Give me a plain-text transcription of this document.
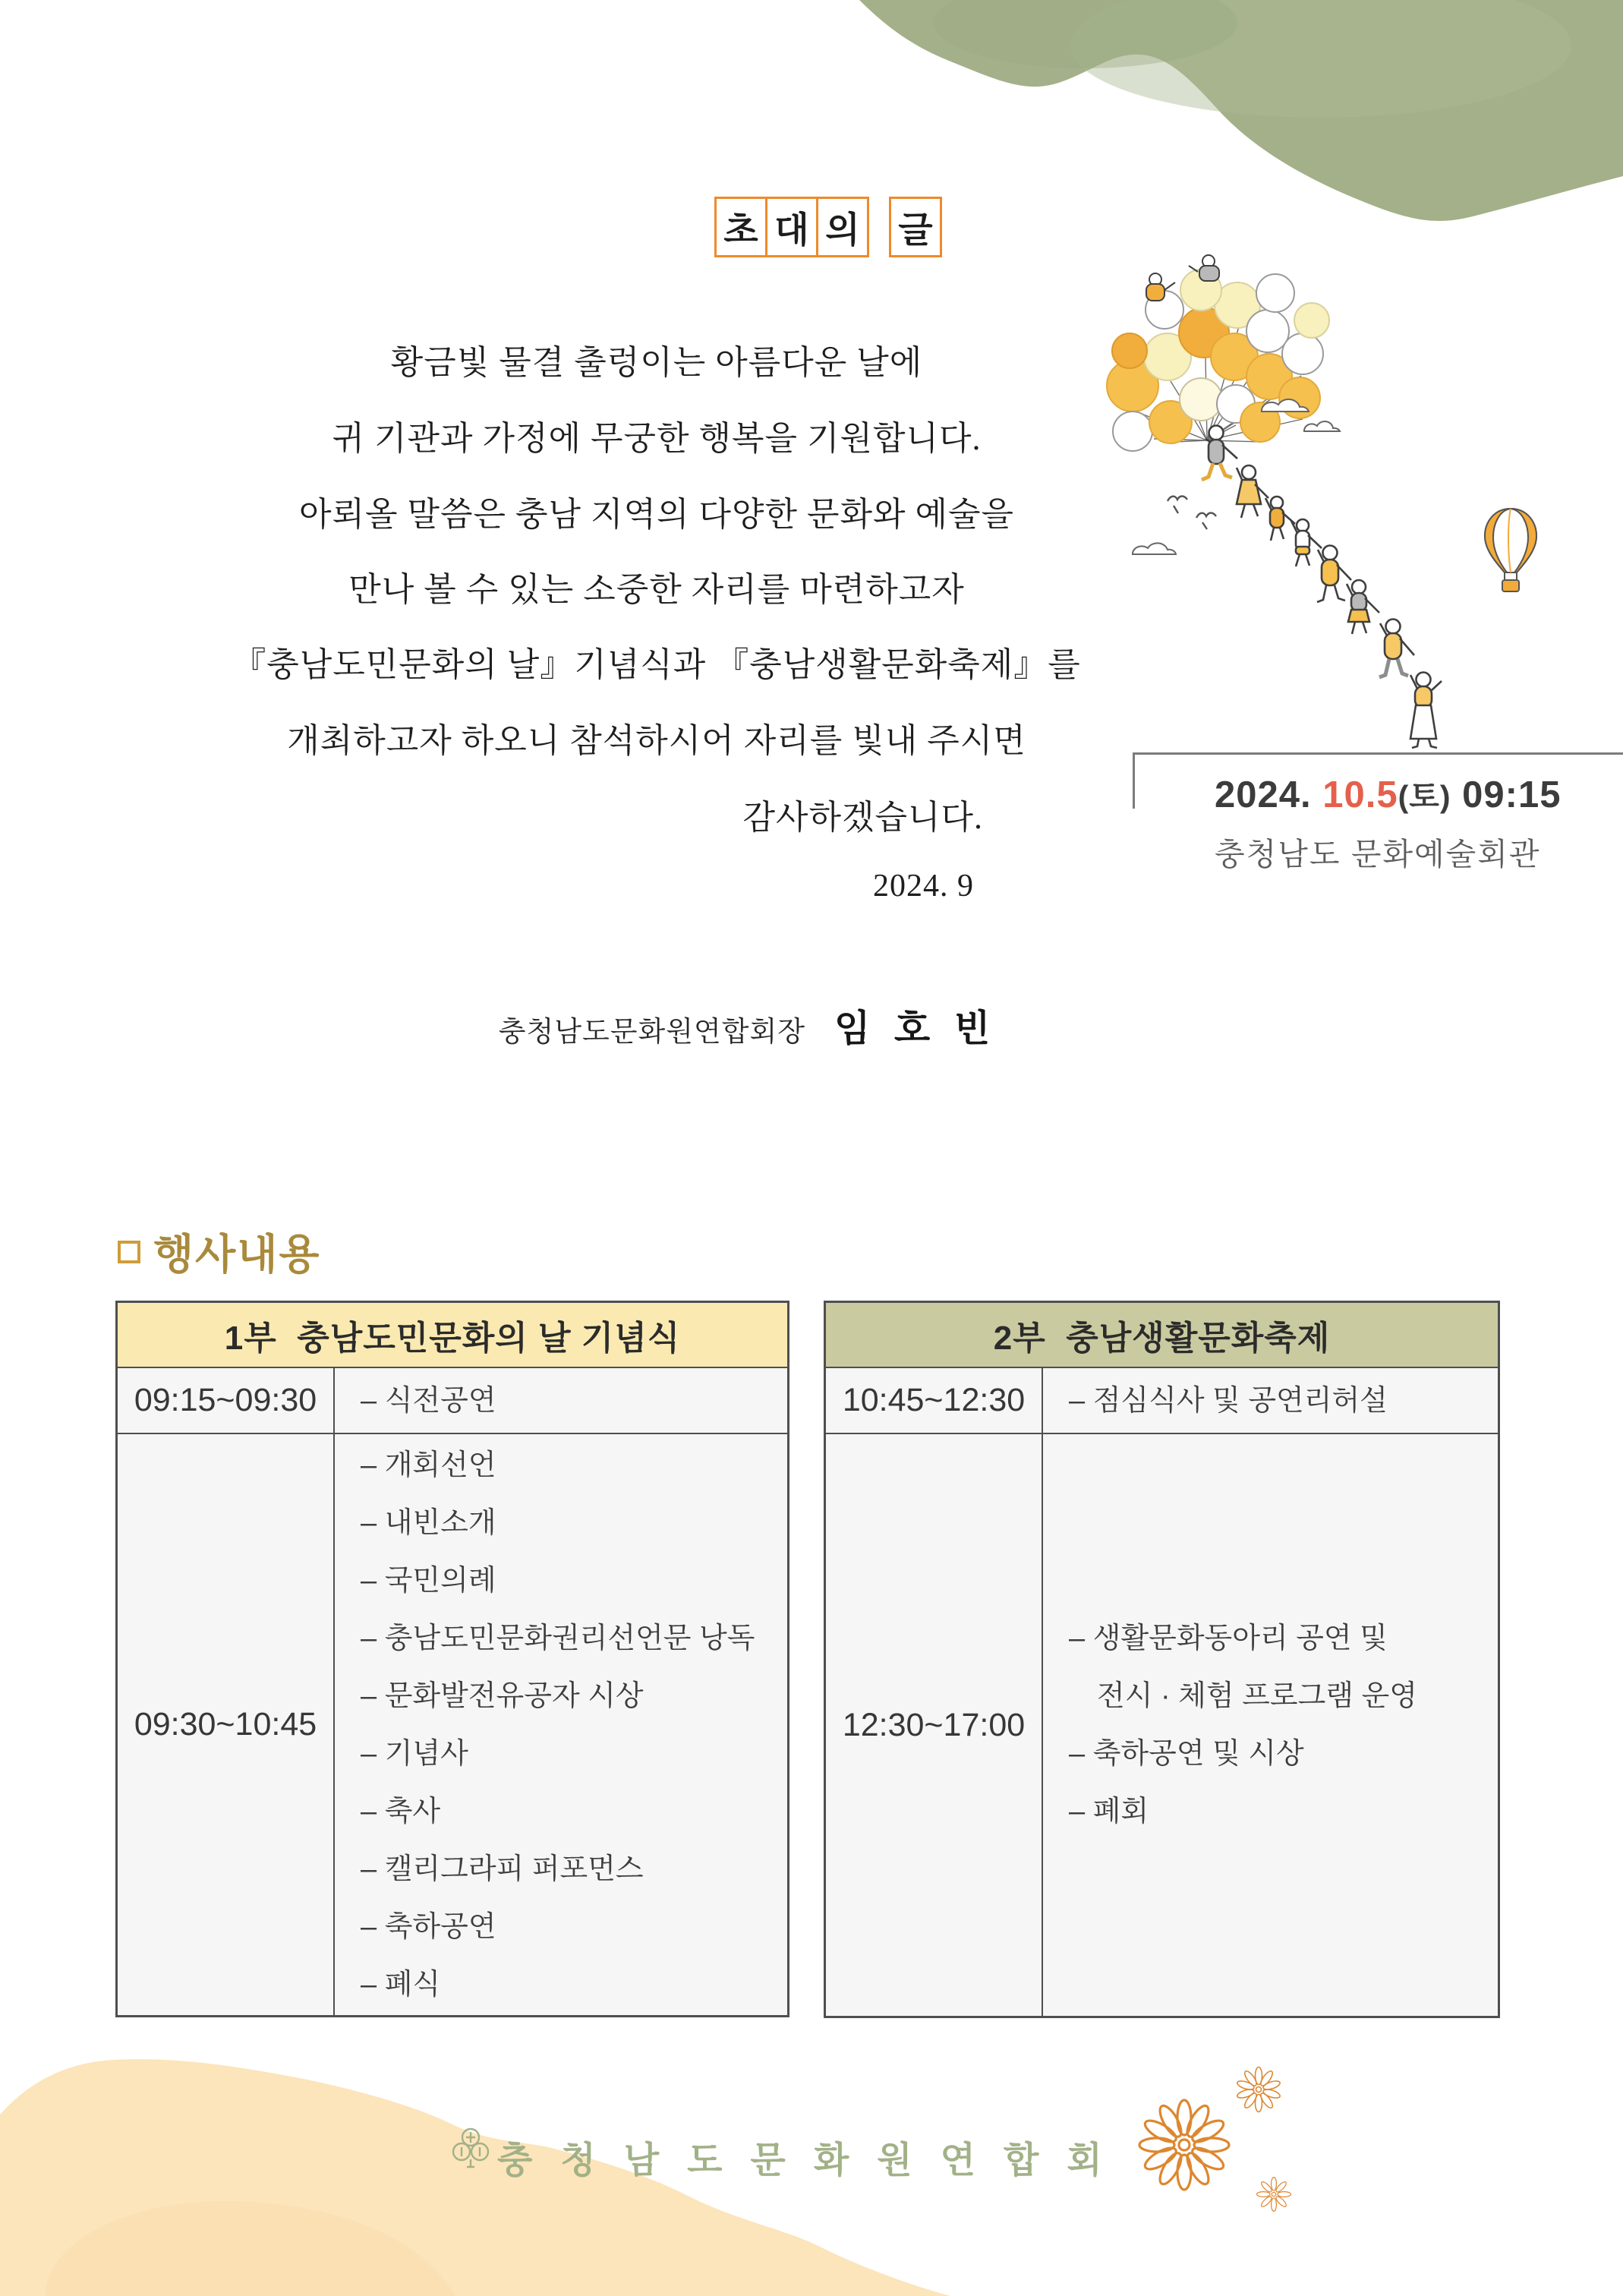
초 대 의 글
황금빛 물결 출렁이는 아름다운 날에
귀 기관과 가정에 무궁한 행복을 기원합니다.
아뢰올 말씀은 충남 지역의 다양한 문화와 예술을
만나 볼 수 있는 소중한 자리를 마련하고자
『충남도민문화의 날』기념식과 『충남생활문화축제』를
개최하고자 하오니 참석하시어 자리를 빛내 주시면
감사하겠습니다.
2024. 9
충청남도문화원연합회장 임 호 빈
2024. 10.5(토) 09:15
충청남도 문화예술회관
행사내용
1부  충남도민문화의 날 기념식
09:15~09:30	– 식전공연
09:30~10:45
– 개회선언
– 내빈소개
– 국민의례
– 충남도민문화권리선언문 낭독
– 문화발전유공자 시상
– 기념사
– 축사
– 캘리그라피 퍼포먼스
– 축하공연
– 폐식
2부  충남생활문화축제
10:45~12:30	– 점심식사 및 공연리허설
12:30~17:00
– 생활문화동아리 공연 및
전시 · 체험 프로그램 운영
– 축하공연 및 시상
– 폐회
충청남도문화원연합회
